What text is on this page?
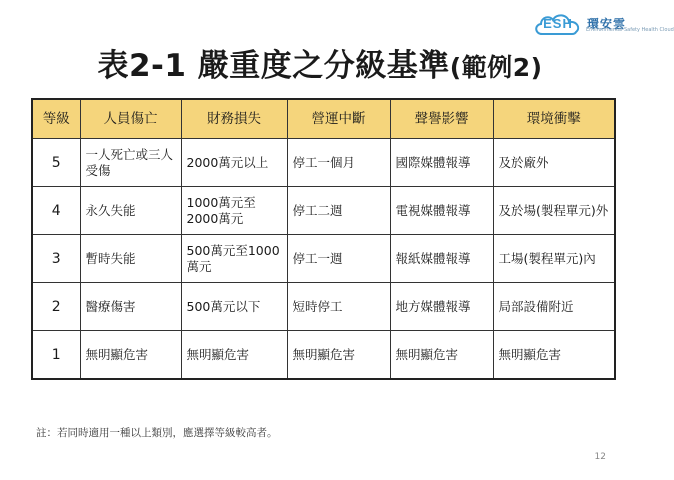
ESH	環安雲
Environmental Safety Health Cloud
表2-1 嚴重度之分級基準(範例2)
等級	人員傷亡	財務損失	營運中斷	聲譽影響	環境衝擊
5	一人死亡或三人受傷	2000萬元以上	停工一個月	國際媒體報導	及於廠外
4	永久失能	1000萬元至2000萬元	停工二週	電視媒體報導	及於場(製程單元)外
3	暫時失能	500萬元至1000萬元	停工一週	報紙媒體報導	工場(製程單元)內
2	醫療傷害	500萬元以下	短時停工	地方媒體報導	局部設備附近
1	無明顯危害	無明顯危害	無明顯危害	無明顯危害	無明顯危害
註：若同時適用一種以上類別，應選擇等級較高者。
12
